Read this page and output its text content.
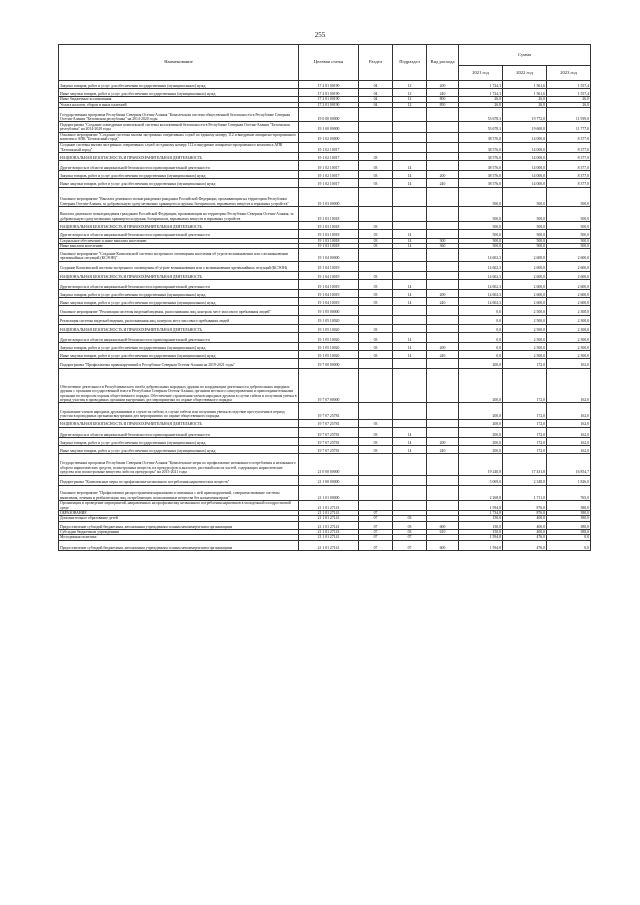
255
Наименование	Целевая статья	Раздел	Подраздел	Вид расхода	Сумма		
					2021 год	2022 год	2023 год
Закупка товаров, работ и услуг для обеспечения государственных (муниципальных) нужд	17 2 01 00190	04	12	200	1 724,3	1 561,6	1 557,4
Иные закупки товаров, работ и услуг для обеспечения государственных (муниципальных) нужд	17 2 01 00190	04	12	240	1 724,3	1 561,6	1 557,4
Иные бюджетные ассигнования	17 2 01 00190	04	12	800	26,0	26,0	26,0
Уплата налогов, сборов и иных платежей	17 2 01 00190	04	12	850	26,0	26,0	26,0
Государственная программа Республики Северная Осетия-Алания "Комплексная система общественной безопасности в Республике Северная Осетия-Алания "Безопасная республика" на 2014-2020 годы	19 0 00 00000				53 678,3	19 772,0	11 939,0
Подпрограмма "Создание и внедрение комплексной системы коллективной безопасности в Республике Северная Осетия-Алания "Безопасная республика" на 2014-2020 годы	19 1 00 00000				53 678,3	19 600,0	11 777,0
Основное мероприятие "Создание системы вызова экстренных оперативных служб по единому номеру 112 и внедрение аппаратно-программного комплекса АПК "Безопасный город"	19 1 02 00000				38 576,0	14 000,0	8 377,0
Создание системы вызова экстренных оперативных служб по единому номеру 112 и внедрение аппаратно-программного комплекса АПК "Безопасный город"	19 1 02 10017				38 576,0	14 000,0	8 377,0
НАЦИОНАЛЬНАЯ БЕЗОПАСНОСТЬ И ПРАВООХРАНИТЕЛЬНАЯ ДЕЯТЕЛЬНОСТЬ	19 1 02 10017	03			38 576,0	14 000,0	8 377,0
Другие вопросы в области национальной безопасности и правоохранительной деятельности	19 1 02 10017	03	14		38 576,0	14 000,0	8 377,0
Закупка товаров, работ и услуг для обеспечения государственных (муниципальных) нужд	19 1 02 10017	03	14	200	38 576,0	14 000,0	8 377,0
Иные закупки товаров, работ и услуг для обеспечения государственных (муниципальных) нужд	19 1 02 10017	03	14	240	38 576,0	14 000,0	8 377,0
Основное мероприятие "Выплата денежного вознаграждения гражданам Российской Федерации, проживающим на территории Республики Северная Осетия-Алания, за добровольную сдачу незаконно хранящегося оружия, боеприпасов, взрывчатых веществ и взрывных устройств"	19 1 03 00000				500,0	500,0	500,0
Выплата денежного вознаграждения гражданам Российской Федерации, проживающим на территории Республики Северная Осетия-Алания, за добровольную сдачу незаконно хранящегося оружия, боеприпасов, взрывчатых веществ и взрывных устройств	19 1 03 10018				500,0	500,0	500,0
НАЦИОНАЛЬНАЯ БЕЗОПАСНОСТЬ И ПРАВООХРАНИТЕЛЬНАЯ ДЕЯТЕЛЬНОСТЬ	19 1 03 10018	03			500,0	500,0	500,0
Другие вопросы в области национальной безопасности и правоохранительной деятельности	19 1 03 10018	03	14		500,0	500,0	500,0
Социальное обеспечение и иные выплаты населению	19 1 03 10018	03	14	300	500,0	500,0	500,0
Иные выплаты населению	19 1 03 10018	03	14	360	500,0	500,0	500,0
Основное мероприятие "Создание Комплексной системы экстренного оповещения населения об угрозе возникновения или о возникновении чрезвычайных ситуаций (КСЭОН)"	19 1 04 00000				14 602,3	2 600,0	2 600,0
Создание Комплексной системы экстренного оповещения об угрозе возникновения или о возникновении чрезвычайных ситуаций (КСЭОН)	19 1 04 10019				14 602,3	2 600,0	2 600,0
НАЦИОНАЛЬНАЯ БЕЗОПАСНОСТЬ И ПРАВООХРАНИТЕЛЬНАЯ ДЕЯТЕЛЬНОСТЬ	19 1 04 10019	03			14 602,3	2 600,0	2 600,0
Другие вопросы в области национальной безопасности и правоохранительной деятельности	19 1 04 10019	03	14		14 602,3	2 600,0	2 600,0
Закупка товаров, работ и услуг для обеспечения государственных (муниципальных) нужд	19 1 04 10019	03	14	200	14 602,3	2 600,0	2 600,0
Иные закупки товаров, работ и услуг для обеспечения государственных (муниципальных) нужд	19 1 04 10019	03	14	240	14 602,3	2 600,0	2 600,0
Основное мероприятие "Реализация системы видеонаблюдения, распознавания лиц, контроль мест массового пребывания людей"	19 1 05 00000				0,0	2 500,0	2 300,0
Реализация системы видеонаблюдения, распознавания лиц, контроль мест массового пребывания людей	19 1 05 10020				0,0	2 500,0	2 300,0
НАЦИОНАЛЬНАЯ БЕЗОПАСНОСТЬ И ПРАВООХРАНИТЕЛЬНАЯ ДЕЯТЕЛЬНОСТЬ	19 1 05 10020	03			0,0	2 500,0	2 300,0
Другие вопросы в области национальной безопасности и правоохранительной деятельности	19 1 05 10020	03	14		0,0	2 500,0	2 300,0
Закупка товаров, работ и услуг для обеспечения государственных (муниципальных) нужд	19 1 05 10020	03	14	200	0,0	2 500,0	2 300,0
Иные закупки товаров, работ и услуг для обеспечения государственных (муниципальных) нужд	19 1 05 10020	03	14	240	0,0	2 500,0	2 300,0
Подпрограмма "Профилактика правонарушений в Республике Северная Осетия-Алания на 2019-2021 годы"	19 7 00 00000				200,0	172,0	162,0
Обеспечение деятельности Республиканского штаба добровольных народных дружин по координации деятельности добровольных народных дружин с органами государственной власти Республики Северная Осетия-Алания, органами местного самоуправления и правоохранительными органами по вопросам охраны общественного порядка. Обеспечение страхования членов народных дружин в случае гибели и получения увечья в период участия в проводимых органами внутренних дел мероприятиях по охране общественного порядка	19 7 07 00000				200,0	172,0	162,0
Страхование членов народных дружинников в случае их гибели, в случае гибели или получения увечья вследствие преступления в период участия в проводимых органами внутренних дел мероприятиях по охране общественного порядка	19 7 07 25781				200,0	172,0	162,0
НАЦИОНАЛЬНАЯ БЕЗОПАСНОСТЬ И ПРАВООХРАНИТЕЛЬНАЯ ДЕЯТЕЛЬНОСТЬ	19 7 07 25781	03			200,0	172,0	162,0
Другие вопросы в области национальной безопасности и правоохранительной деятельности	19 7 07 25781	03	14		200,0	172,0	162,0
Закупка товаров, работ и услуг для обеспечения государственных (муниципальных) нужд	19 7 07 25781	03	14	200	200,0	172,0	162,0
Иные закупки товаров, работ и услуг для обеспечения государственных (муниципальных) нужд	19 7 07 25781	03	14	240	200,0	172,0	162,0
Государственная программа Республики Северная Осетия-Алания "Комплексные меры по профилактике незаконного потребления и незаконного оборота наркотических средств, психотропных веществ, их прекурсоров и аналогов, растений или их частей, содержащих наркотические средства или психотропные вещества либо их прекурсоры" на 2015-2021 годы	21 0 00 00000				19 240,8	17 431,8	16 854,7
Подпрограмма "Комплексные меры по профилактике незаконного потребления наркотических веществ"	21 1 00 00000				5 069,0	2 348,0	1 826,0
Основное мероприятие "Профилактика распространения наркомании и связанных с ней правонарушений, совершенствование системы выявления, лечения и реабилитации лиц, потребляющих психоактивные вещества без назначения врача"	21 1 01 00000				2 268,8	1 711,0	765,0
Организация и проведение мероприятий, направленных на профилактику незаконного потребления наркотиков в молодежной и подростковой среде	21 1 01 27141				1 594,8	876,0	380,0
ОБРАЗОВАНИЕ	21 1 01 27141	07			1 734,8	876,0	380,0
Дополнительное образование детей	21 1 01 27141	07	03		150,0	400,0	380,0
Предоставление субсидий бюджетным, автономным учреждениям и иным некоммерческим организациям	21 1 01 27141	07	03	600	150,0	400,0	380,0
Субсидии бюджетным учреждениям	21 1 01 27141	07	03	610	150,0	400,0	380,0
Молодежная политика	21 1 01 27141	07	07		1 594,8	476,0	0,0
Предоставление субсидий бюджетным, автономным учреждениям и иным некоммерческим организациям	21 1 01 27141	07	07	600	1 594,8	476,0	0,0
